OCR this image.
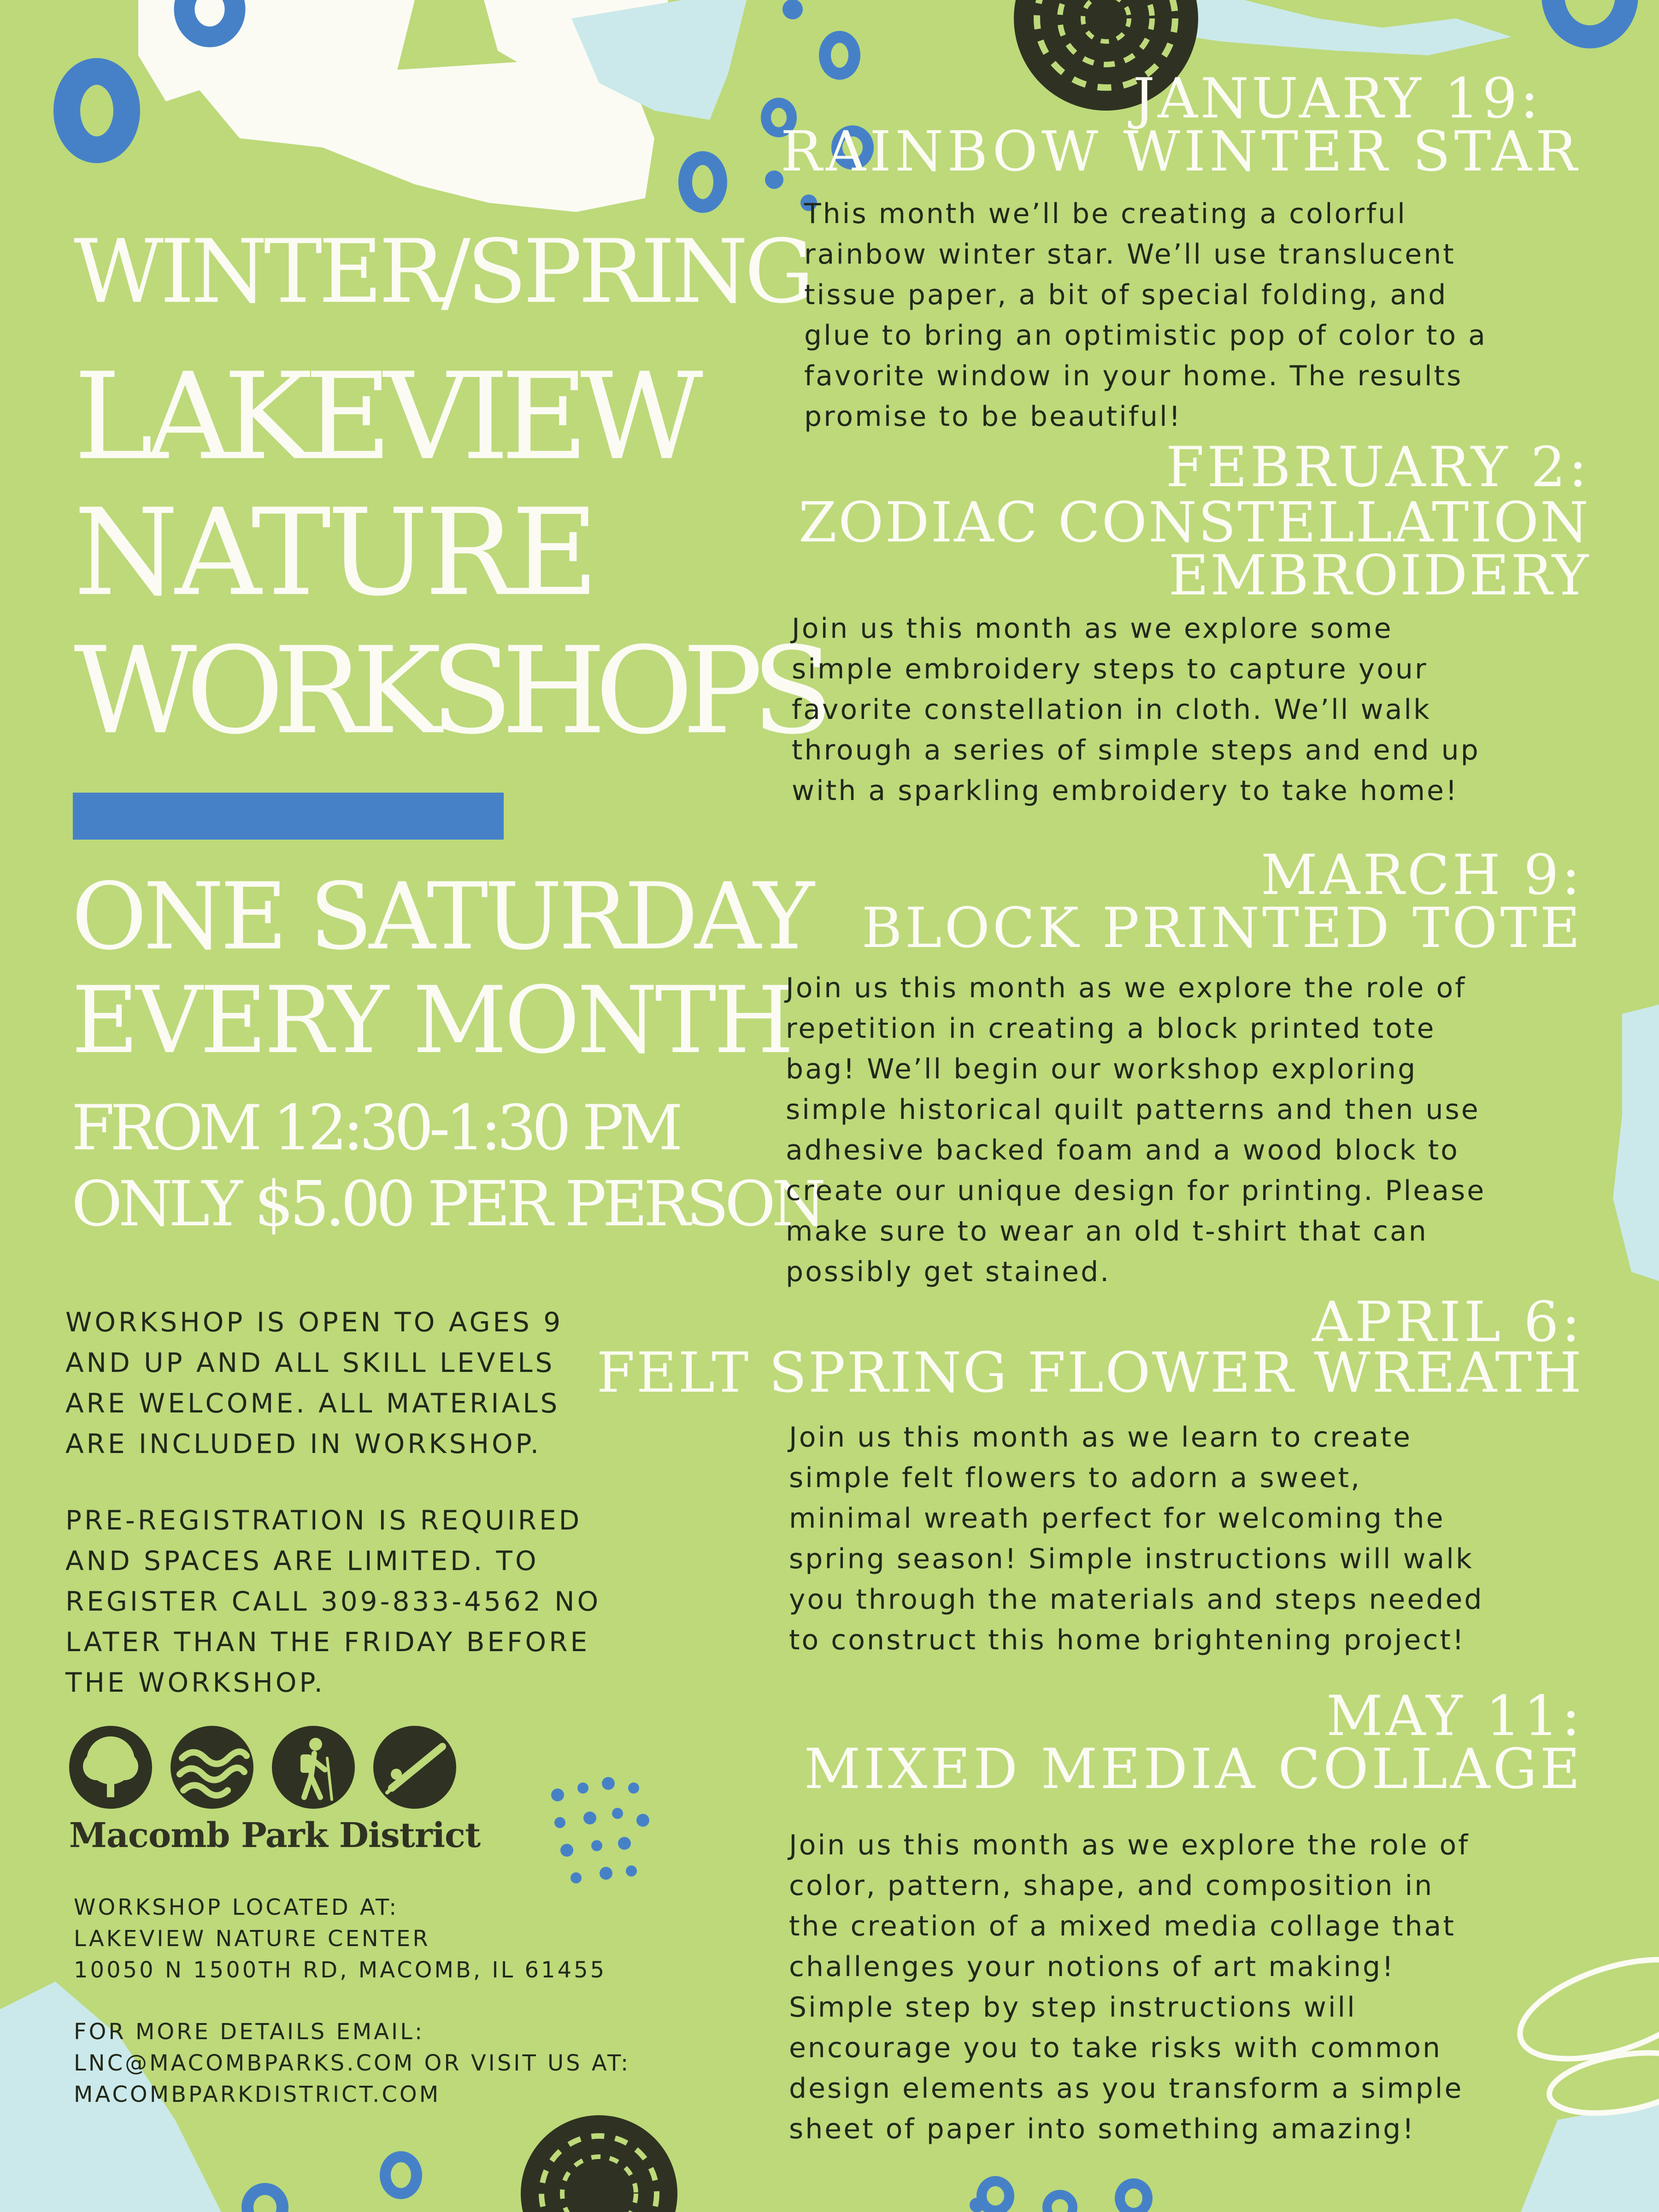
WINTER/SPRING
LAKEVIEW
NATURE
WORKSHOPS
ONE SATURDAY
EVERY MONTH
FROM 12:30-1:30 PM
ONLY $5.00 PER PERSON
WORKSHOP IS OPEN TO AGES 9
AND UP AND ALL SKILL LEVELS
ARE WELCOME. ALL MATERIALS
ARE INCLUDED IN WORKSHOP.
PRE-REGISTRATION IS REQUIRED
AND SPACES ARE LIMITED. TO
REGISTER CALL 309-833-4562 NO
LATER THAN THE FRIDAY BEFORE
THE WORKSHOP.
Macomb Park District
WORKSHOP LOCATED AT:
LAKEVIEW NATURE CENTER
10050 N 1500TH RD, MACOMB, IL 61455
FOR MORE DETAILS EMAIL:
LNC@MACOMBPARKS.COM OR VISIT US AT:
MACOMBPARKDISTRICT.COM
JANUARY 19:
RAINBOW WINTER STAR
This month we’ll be creating a colorful
rainbow winter star. We’ll use translucent
tissue paper, a bit of special folding, and
glue to bring an optimistic pop of color to a
favorite window in your home. The results
promise to be beautiful!
FEBRUARY 2:
ZODIAC CONSTELLATION
EMBROIDERY
Join us this month as we explore some
simple embroidery steps to capture your
favorite constellation in cloth. We’ll walk
through a series of simple steps and end up
with a sparkling embroidery to take home!
MARCH 9:
BLOCK PRINTED TOTE
Join us this month as we explore the role of
repetition in creating a block printed tote
bag! We’ll begin our workshop exploring
simple historical quilt patterns and then use
adhesive backed foam and a wood block to
create our unique design for printing. Please
make sure to wear an old t-shirt that can
possibly get stained.
APRIL 6:
FELT SPRING FLOWER WREATH
Join us this month as we learn to create
simple felt flowers to adorn a sweet,
minimal wreath perfect for welcoming the
spring season! Simple instructions will walk
you through the materials and steps needed
to construct this home brightening project!
MAY 11:
MIXED MEDIA COLLAGE
Join us this month as we explore the role of
color, pattern, shape, and composition in
the creation of a mixed media collage that
challenges your notions of art making!
Simple step by step instructions will
encourage you to take risks with common
design elements as you transform a simple
sheet of paper into something amazing!
